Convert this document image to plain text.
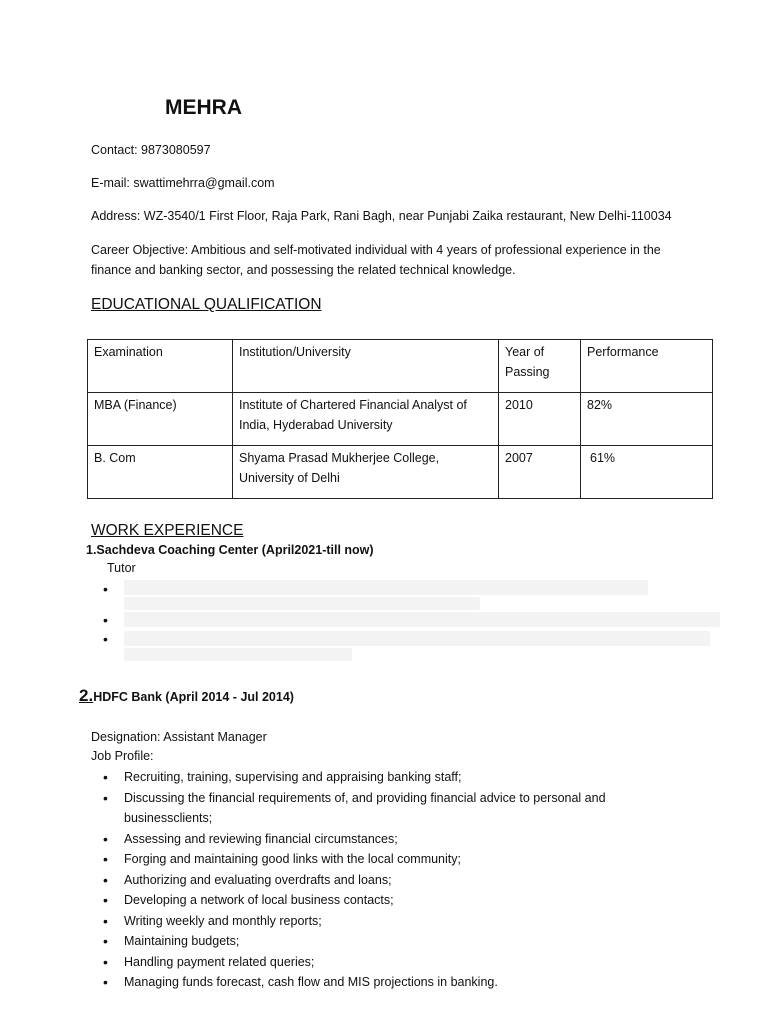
MEHRA
Contact: 9873080597
E-mail: swattimehrra@gmail.com
Address: WZ-3540/1 First Floor, Raja Park, Rani Bagh, near Punjabi Zaika restaurant, New Delhi-110034
Career Objective: Ambitious and self-motivated individual with 4 years of professional experience in the finance and banking sector, and possessing the related technical knowledge.
EDUCATIONAL QUALIFICATION
Examination	Institution/University	Year of Passing	Performance
MBA (Finance)	Institute of Chartered Financial Analyst of India, Hyderabad University	2010	82%
B. Com	Shyama Prasad Mukherjee College, University of Delhi	2007	61%
WORK EXPERIENCE
1.Sachdeva Coaching Center (April2021-till now)
Tutor
•
•
•
2.HDFC Bank (April 2014 - Jul 2014)
Designation: Assistant Manager
Job Profile:
• Recruiting, training, supervising and appraising banking staff;
• Discussing the financial requirements of, and providing financial advice to personal and businessclients;
• Assessing and reviewing financial circumstances;
• Forging and maintaining good links with the local community;
• Authorizing and evaluating overdrafts and loans;
• Developing a network of local business contacts;
• Writing weekly and monthly reports;
• Maintaining budgets;
• Handling payment related queries;
• Managing funds forecast, cash flow and MIS projections in banking.
